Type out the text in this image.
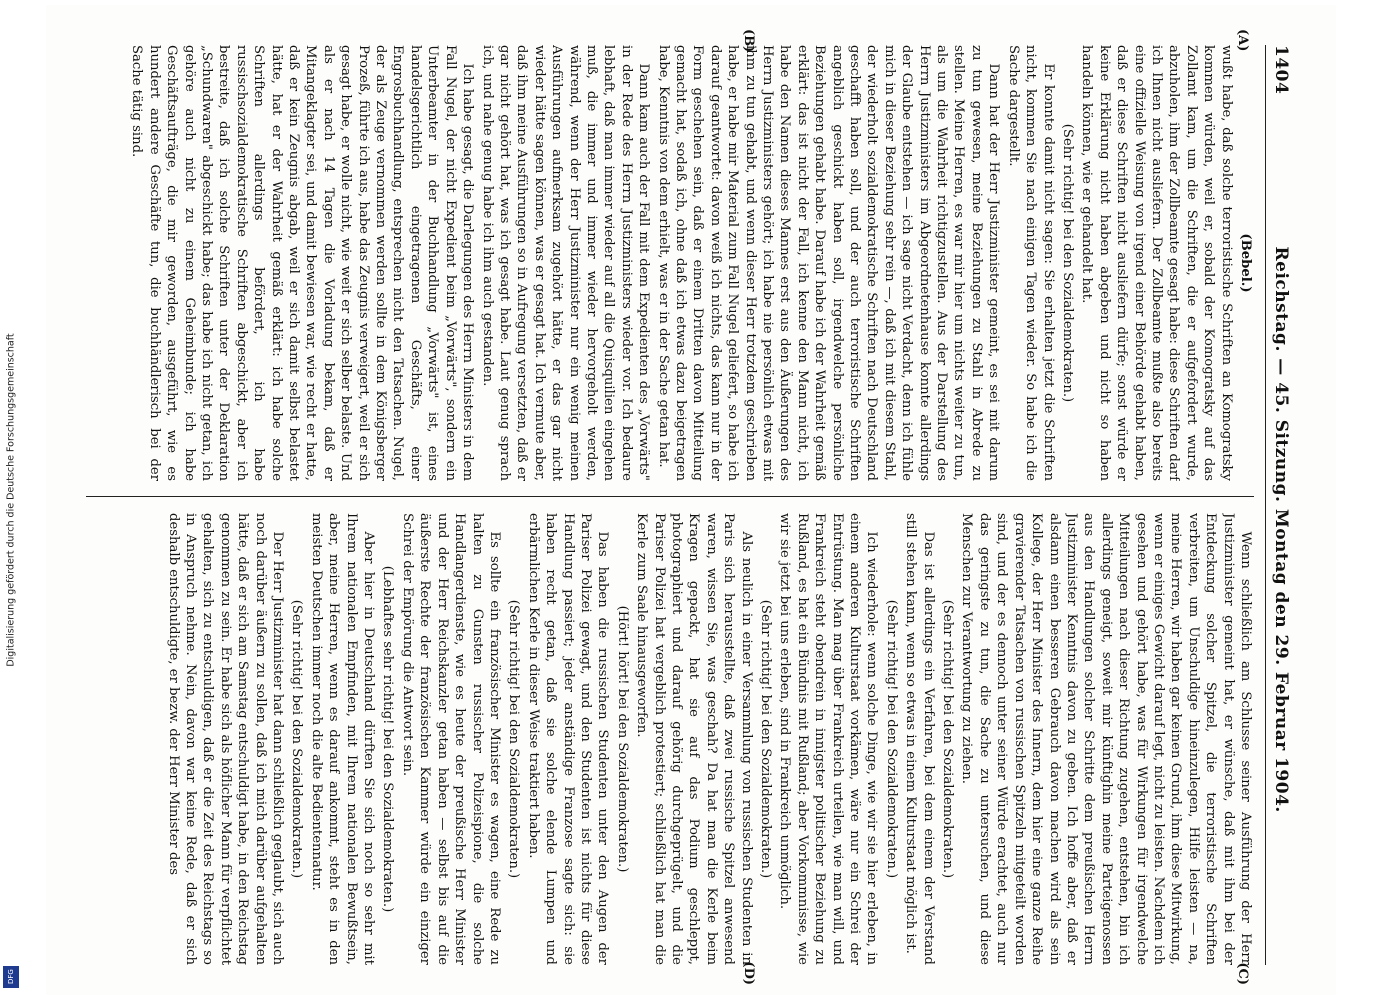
1404
Reichstag. — 45. Sitzung. Montag den 29. Februar 1904.
(A)
(B)
(C)
(D)

(Bebel.)

wußt habe, daß solche terroristische Schriften an Komogratsky kommen würden, weil er, sobald der Komogratsky auf das Zollamt kam, um die Schriften, die er aufgefordert wurde, abzuholen, ihm der Zollbeamte gesagt habe: diese Schriften darf ich Ihnen nicht ausliefern. Der Zollbeamte mußte also bereits eine offizielle Weisung von irgend einer Behörde gehabt haben, daß er diese Schriften nicht ausliefern dürfe; sonst würde er keine Erklärung nicht haben abgeben und nicht so haben handeln können, wie er gehandelt hat.

(Sehr richtig! bei den Sozialdemokraten.)

Er konnte damit nicht sagen: Sie erhalten jetzt die Schriften nicht, kommen Sie nach einigen Tagen wieder. So habe ich die Sache dargestellt.

Dann hat der Herr Justizminister gemeint, es sei mit darum zu tun gewesen, meine Beziehungen zu Stahl in Abrede zu stellen. Meine Herren, es war mir hier um nichts weiter zu tun, als um die Wahrheit richtigzustellen. Aus der Darstellung des Herrn Justizministers im Abgeordnetenhause konnte allerdings der Glaube entstehen — ich sage nicht Verdacht, denn ich fühle mich in dieser Beziehung sehr rein —, daß ich mit diesem Stahl, der wiederholt sozialdemokratische Schriften nach Deutschland geschafft haben soll, und der auch terroristische Schriften angeblich geschickt haben soll, irgendwelche persönliche Beziehungen gehabt habe. Darauf habe ich der Wahrheit gemäß erklärt: das ist nicht der Fall, ich kenne den Mann nicht, ich habe den Namen dieses Mannes erst aus den Äußerungen des Herrn Justizministers gehört; ich habe nie persönlich etwas mit ihm zu tun gehabt, und wenn dieser Herr trotzdem geschrieben habe, er habe mir Material zum Fall Nugel geliefert, so habe ich darauf geantwortet: davon weiß ich nichts, das kann nur in der Form geschehen sein, daß er einem Dritten davon Mitteilung gemacht hat, sodaß ich, ohne daß ich etwas dazu beigetragen habe, Kenntnis von dem erhielt, was er in der Sache getan hat.

Dann kam auch der Fall mit dem Expedienten des „Vorwärts" in der Rede des Herrn Justizministers wieder vor. Ich bedaure lebhaft, daß man immer wieder auf all die Quisquilien eingehen muß, die immer und immer wieder hervorgeholt werden, während, wenn der Herr Justizminister nur ein wenig meinen Ausführungen aufmerksam zugehört hätte, er das gar nicht wieder hätte sagen können, was er gesagt hat. Ich vermute aber, daß ihm meine Ausführungen so in Aufregung versetzten, daß er gar nicht gehört hat, was ich gesagt habe. Laut genug sprach ich, und nahe genug habe ich ihm auch gestanden.

Ich habe gesagt, die Darlegungen des Herrn Ministers in dem Fall Nugel, der nicht Expedient beim „Vorwärts", sondern ein Unterbeamter in der Buchhandlung „Vorwärts" ist, eines handelsgerichtlich eingetragenen Geschäfts, einer Engrosbuchhandlung, entsprechen nicht den Tatsachen. Nugel, der als Zeuge vernommen werden sollte in dem Königsberger Prozeß, führte ich aus, habe das Zeugnis verweigert, weil er sich gesagt habe, er wolle nicht, wie weit er sich selber belaste. Und als er nach 14 Tagen die Vorladung bekam, daß er Mitangeklagter sei, und damit bewiesen war, wie recht er hatte, daß er kein Zeugnis abgab, weil er sich damit selbst belastet hätte, hat er der Wahrheit gemäß erklärt: ich habe solche Schriften allerdings befördert, ich habe russischsozialdemokratische Schriften abgeschickt, aber ich bestreite, daß ich solche Schriften unter der Deklaration „Schundwaren" abgeschickt habe; das habe ich nicht getan, ich gehöre auch nicht zu einem Geheimbunde; ich habe Geschäftsaufträge, die mir geworden, ausgeführt, wie es hundert andere Geschäfte tun, die buchhändlerisch bei der Sache tätig sind.

Wenn schließlich am Schlusse seiner Ausführung der Herr Justizminister gemeint hat, er wünsche, daß mit ihm bei der Entdeckung solcher Spitzel, die terroristische Schriften verbreiten, um Unschuldige hineinzulegen, Hilfe leisten — na, meine Herren, wir haben gar keinen Grund, ihm diese Mitwirkung, wenn er einiges Gewicht darauf legt, nicht zu leisten. Nachdem ich gesehen und gehört habe, was für Wirkungen für irgendwelche Mitteilungen nach dieser Richtung zugehen, entstehen, bin ich allerdings geneigt, soweit mir künftighin meine Parteigenossen aus den Handlungen solcher Schritte dem preußischen Herrn Justizminister Kenntnis davon zu geben. Ich hoffe aber, daß er alsdann einen besseren Gebrauch davon machen wird als sein Kollege, der Herr Minister des Innern, dem hier eine ganze Reihe gravierender Tatsachen von russischen Spitzeln mitgeteilt worden sind, und der es dennoch unter seiner Würde erachtet, auch nur das geringste zu tun, die Sache zu untersuchen, und diese Menschen zur Verantwortung zu ziehen.

(Sehr richtig! bei den Sozialdemokraten.)

Das ist allerdings ein Verfahren, bei dem einem der Verstand still stehen kann, wenn so etwas in einem Kulturstaat möglich ist.

(Sehr richtig! bei den Sozialdemokraten.)

Ich wiederhole: wenn solche Dinge, wie wir sie hier erleben, in einem anderen Kulturstaat vorkämen, wäre nur ein Schrei der Entrüstung. Man mag über Frankreich urteilen, wie man will, und Frankreich steht obendrein in innigster politischer Beziehung zu Rußland, es hat ein Bündnis mit Rußland; aber Vorkommnisse, wie wir sie jetzt bei uns erleben, sind in Frankreich unmöglich.

(Sehr richtig! bei den Sozialdemokraten.)

Als neulich in einer Versammlung von russischen Studenten in Paris sich herausstellte, daß zwei russische Spitzel anwesend waren, wissen Sie, was geschah? Da hat man die Kerle beim Kragen gepackt, hat sie auf das Podium geschleppt, photographiert und darauf gehörig durchgeprügelt, und die Pariser Polizei hat vergeblich protestiert; schließlich hat man die Kerle zum Saale hinausgeworfen.

(Hört! hört! bei den Sozialdemokraten.)

Das haben die russischen Studenten unter den Augen der Pariser Polizei gewagt, und den Studenten ist nichts für diese Handlung passiert; jeder anständige Franzose sagte sich: sie haben recht getan, daß sie solche elende Lumpen und erbärmlichen Kerle in dieser Weise traktiert haben.

(Sehr richtig! bei den Sozialdemokraten.)

Es sollte ein französischer Minister es wagen, eine Rede zu halten zu Gunsten russischer Polizeispione, die solche Handlangerdienste, wie es heute der preußische Herr Minister und der Herr Reichskanzler getan haben — selbst bis auf die äußerste Rechte der französischen Kammer würde ein einziger Schrei der Empörung die Antwort sein.

(Lebhaftes sehr richtig! bei den Sozialdemokraten.)

Aber hier in Deutschland dürften Sie sich noch so sehr mit Ihrem nationalen Empfinden, mit Ihrem nationalen Bewußtsein, aber, meine Herren, wenn es darauf ankommt, steht es in den meisten Deutschen immer noch die alte Bedientennatur.

(Sehr richtig! bei den Sozialdemokraten.)

Der Herr Justizminister hat dann schließlich geglaubt, sich auch noch darüber äußern zu sollen, daß ich mich darüber aufgehalten hätte, daß er sich am Samstag entschuldigt habe, in den Reichstag genommen zu sein. Er habe sich als höflicher Mann für verpflichtet gehalten, sich zu entschuldigen, daß er die Zeit des Reichstags so in Anspruch nehme. Nein, davon war keine Rede, daß er sich deshalb entschuldigte, er bezw. der Herr Minister des

Digitalisierung gefördert durch die Deutsche Forschungsgemeinschaft
DFG
